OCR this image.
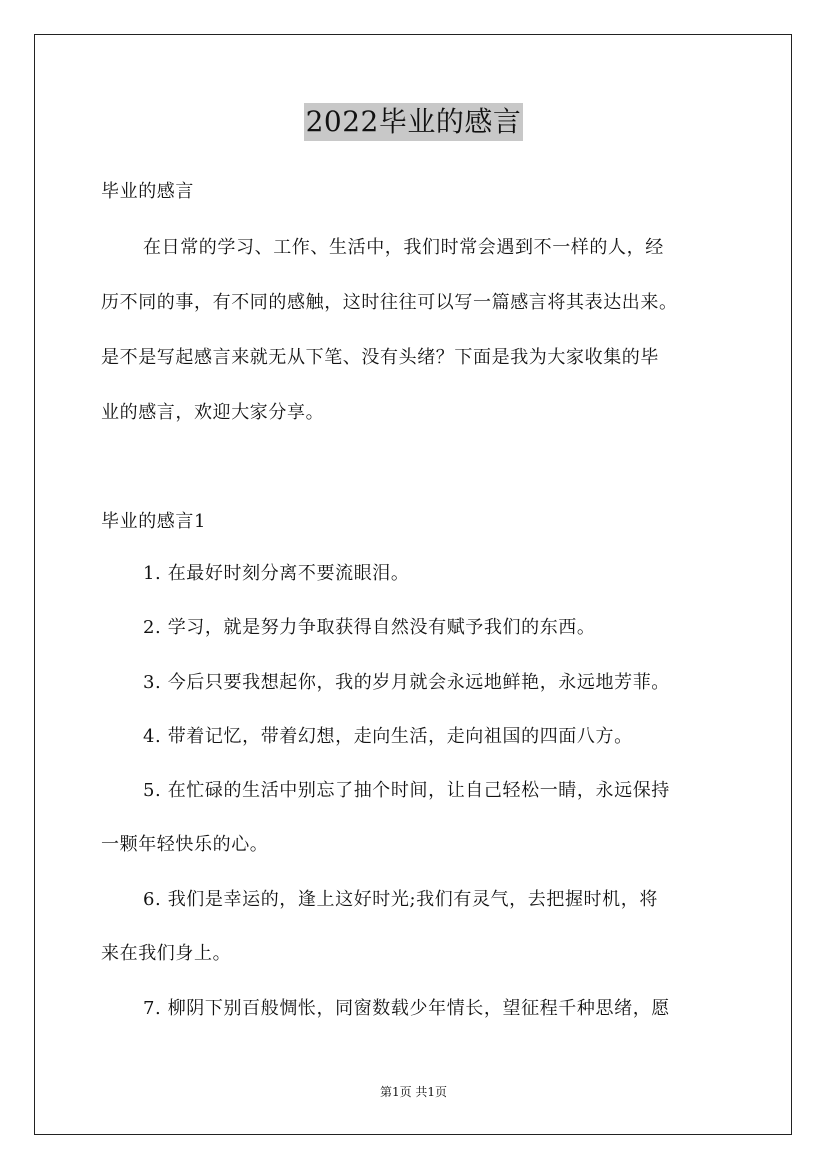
2022毕业的感言
毕业的感言
在日常的学习、工作、生活中，我们时常会遇到不一样的人，经
历不同的事，有不同的感触，这时往往可以写一篇感言将其表达出来。
是不是写起感言来就无从下笔、没有头绪？下面是我为大家收集的毕
业的感言，欢迎大家分享。
毕业的感言1
1. 在最好时刻分离不要流眼泪。
2. 学习，就是努力争取获得自然没有赋予我们的东西。
3. 今后只要我想起你，我的岁月就会永远地鲜艳，永远地芳菲。
4. 带着记忆，带着幻想，走向生活，走向祖国的四面八方。
5. 在忙碌的生活中别忘了抽个时间，让自己轻松一睛，永远保持
一颗年轻快乐的心。
6. 我们是幸运的，逢上这好时光;我们有灵气，去把握时机，将
来在我们身上。
7. 柳阴下别百般惆怅，同窗数载少年情长，望征程千种思绪，愿
第1页 共1页
